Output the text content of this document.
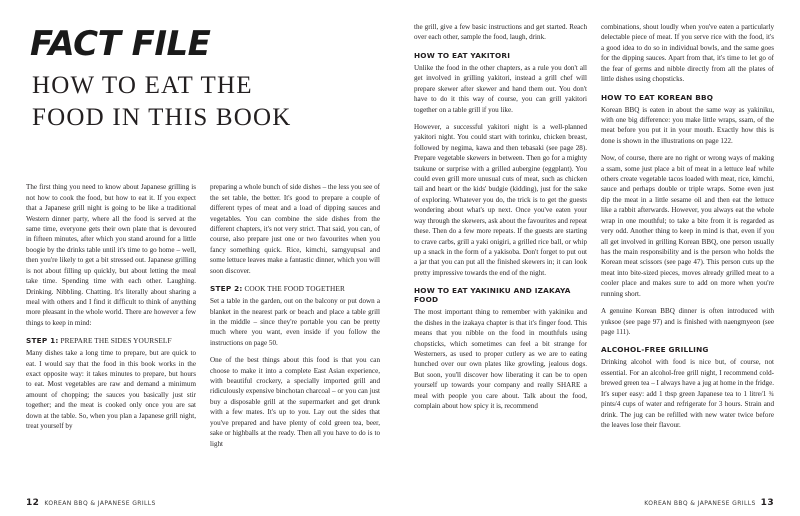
FACT FILE
HOW TO EAT THE FOOD IN THIS BOOK

The first thing you need to know about Japanese grilling is not how to cook the food, but how to eat it. If you expect that a Japanese grill night is going to be like a traditional Western dinner party, where all the food is served at the same time, everyone gets their own plate that is devoured in fifteen minutes, after which you stand around for a little boogie by the drinks table until it's time to go home – well, then you're likely to get a bit stressed out. Japanese grilling is not about filling up quickly, but about letting the meal take time. Spending time with each other. Laughing. Drinking. Nibbling. Chatting. It's literally about sharing a meal with others and I find it difficult to think of anything more pleasant in the whole world. There are however a few things to keep in mind:

STEP 1: PREPARE THE SIDES YOURSELF

Many dishes take a long time to prepare, but are quick to eat. I would say that the food in this book works in the exact opposite way: it takes minutes to prepare, but hours to eat. Most vegetables are raw and demand a minimum amount of chopping; the sauces you basically just stir together; and the meat is cooked only once you are sat down at the table. So, when you plan a Japanese grill night, treat yourself by

preparing a whole bunch of side dishes – the less you see of the set table, the better. It's good to prepare a couple of different types of meat and a load of dipping sauces and vegetables. You can combine the side dishes from the different chapters, it's not very strict. That said, you can, of course, also prepare just one or two favourites when you fancy something quick. Rice, kimchi, samgyupsal and some lettuce leaves make a fantastic dinner, which you will soon discover.

STEP 2: COOK THE FOOD TOGETHER

Set a table in the garden, out on the balcony or put down a blanket in the nearest park or beach and place a table grill in the middle – since they're portable you can be pretty much where you want, even inside if you follow the instructions on page 50.

One of the best things about this food is that you can choose to make it into a complete East Asian experience, with beautiful crockery, a specially imported grill and ridiculously expensive binchotan charcoal – or you can just buy a disposable grill at the supermarket and get drunk with a few mates. It's up to you. Lay out the sides that you've prepared and have plenty of cold green tea, beer, sake or highballs at the ready. Then all you have to do is to light

12 KOREAN BBQ & JAPANESE GRILLS

the grill, give a few basic instructions and get started. Reach over each other, sample the food, laugh, drink.

HOW TO EAT YAKITORI

Unlike the food in the other chapters, as a rule you don't all get involved in grilling yakitori, instead a grill chef will prepare skewer after skewer and hand them out. You don't have to do it this way of course, you can grill yakitori together on a table grill if you like.

However, a successful yakitori night is a well-planned yakitori night. You could start with torinku, chicken breast, followed by negima, kawa and then tebasaki (see page 28). Prepare vegetable skewers in between. Then go for a mighty tsukune or surprise with a grilled aubergine (eggplant). You could even grill more unusual cuts of meat, such as chicken tail and heart or the kids' budgie (kidding), just for the sake of exploring. Whatever you do, the trick is to get the guests wondering about what's up next. Once you've eaten your way through the skewers, ask about the favourites and repeat these. Then do a few more repeats. If the guests are starting to crave carbs, grill a yaki onigiri, a grilled rice ball, or whip up a snack in the form of a yakisoba. Don't forget to put out a jar that you can put all the finished skewers in; it can look pretty impressive towards the end of the night.

HOW TO EAT YAKINIKU AND IZAKAYA FOOD

The most important thing to remember with yakiniku and the dishes in the izakaya chapter is that it's finger food. This means that you nibble on the food in mouthfuls using chopsticks, which sometimes can feel a bit strange for Westerners, as used to proper cutlery as we are to eating hunched over our own plates like growling, jealous dogs. But soon, you'll discover how liberating it can be to open yourself up towards your company and really SHARE a meal with people you care about. Talk about the food, complain about how spicy it is, recommend

combinations, shout loudly when you've eaten a particularly delectable piece of meat. If you serve rice with the food, it's a good idea to do so in individual bowls, and the same goes for the dipping sauces. Apart from that, it's time to let go of the fear of germs and nibble directly from all the plates of little dishes using chopsticks.

HOW TO EAT KOREAN BBQ

Korean BBQ is eaten in about the same way as yakiniku, with one big difference: you make little wraps, ssam, of the meat before you put it in your mouth. Exactly how this is done is shown in the illustrations on page 122.

Now, of course, there are no right or wrong ways of making a ssam, some just place a bit of meat in a lettuce leaf while others create vegetable tacos loaded with meat, rice, kimchi, sauce and perhaps double or triple wraps. Some even just dip the meat in a little sesame oil and then eat the lettuce like a rabbit afterwards. However, you always eat the whole wrap in one mouthful; to take a bite from it is regarded as very odd. Another thing to keep in mind is that, even if you all get involved in grilling Korean BBQ, one person usually has the main responsibility and is the person who holds the Korean meat scissors (see page 47). This person cuts up the meat into bite-sized pieces, moves already grilled meat to a cooler place and makes sure to add on more when you're running short.

A genuine Korean BBQ dinner is often introduced with yuksoe (see page 97) and is finished with naengmyeon (see page 111).

ALCOHOL-FREE GRILLING

Drinking alcohol with food is nice but, of course, not essential. For an alcohol-free grill night, I recommend cold-brewed green tea – I always have a jug at home in the fridge. It's super easy: add 1 tbsp green Japanese tea to 1 litre/1 ¾ pints/4 cups of water and refrigerate for 3 hours. Strain and drink. The jug can be refilled with new water twice before the leaves lose their flavour.

KOREAN BBQ & JAPANESE GRILLS 13
